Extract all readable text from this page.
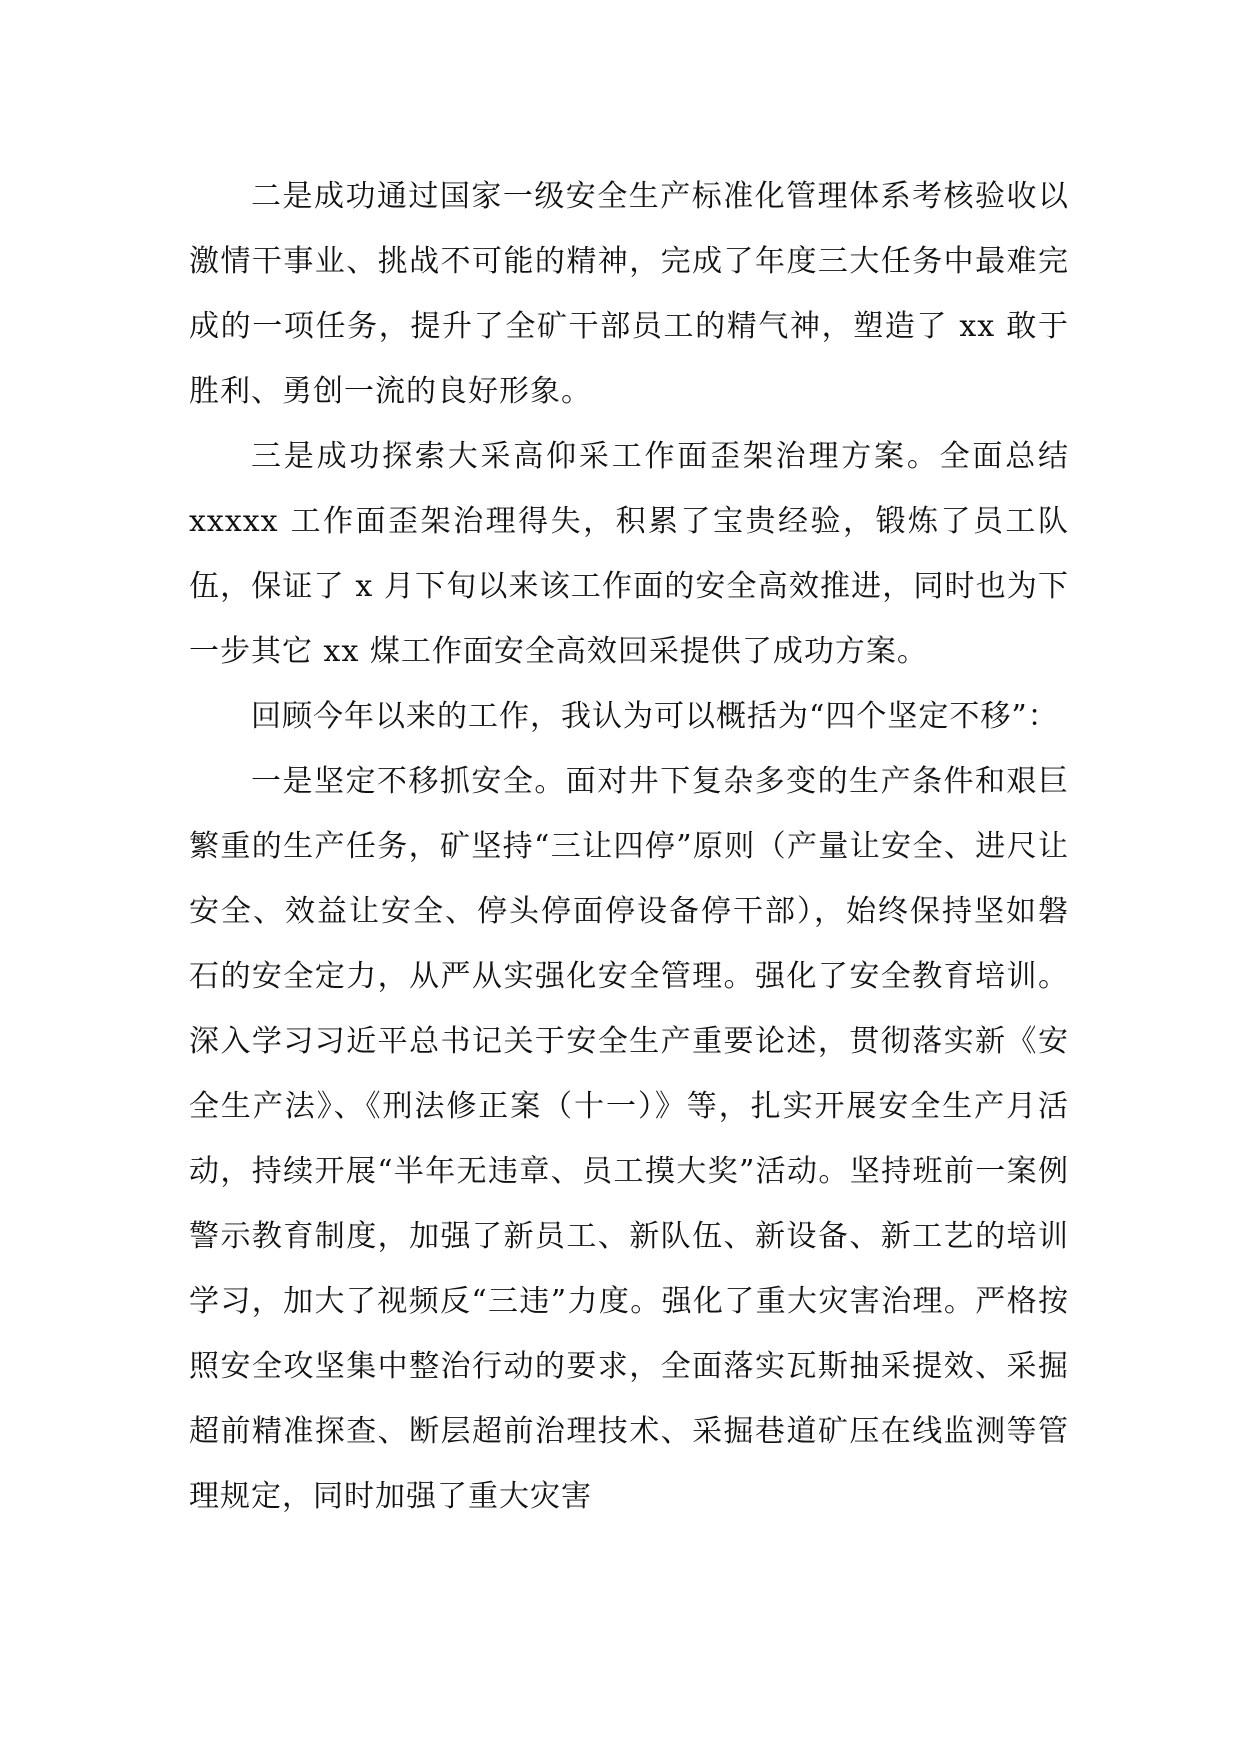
二是成功通过国家一级安全生产标准化管理体系考核验收以激情干事业、挑战不可能的精神，完成了年度三大任务中最难完成的一项任务，提升了全矿干部员工的精气神，塑造了 xx 敢于胜利、勇创一流的良好形象。

三是成功探索大采高仰采工作面歪架治理方案。全面总结 xxxxx 工作面歪架治理得失，积累了宝贵经验，锻炼了员工队伍，保证了 x 月下旬以来该工作面的安全高效推进，同时也为下一步其它 xx 煤工作面安全高效回采提供了成功方案。

回顾今年以来的工作，我认为可以概括为“四个坚定不移”：

一是坚定不移抓安全。面对井下复杂多变的生产条件和艰巨繁重的生产任务，矿坚持“三让四停”原则（产量让安全、进尺让安全、效益让安全、停头停面停设备停干部），始终保持坚如磐石的安全定力，从严从实强化安全管理。强化了安全教育培训。深入学习习近平总书记关于安全生产重要论述，贯彻落实新《安全生产法》、《刑法修正案（十一）》等，扎实开展安全生产月活动，持续开展“半年无违章、员工摸大奖”活动。坚持班前一案例警示教育制度，加强了新员工、新队伍、新设备、新工艺的培训学习，加大了视频反“三违”力度。强化了重大灾害治理。严格按照安全攻坚集中整治行动的要求，全面落实瓦斯抽采提效、采掘超前精准探查、断层超前治理技术、采掘巷道矿压在线监测等管理规定，同时加强了重大灾害
